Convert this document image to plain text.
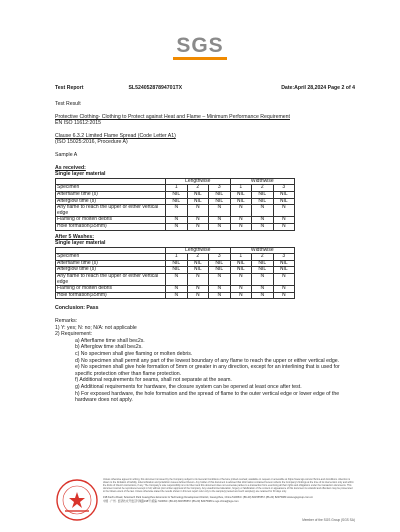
SGS
Test Report	SL52405287894701TX	Date:April 28,2024 Page 2 of 4
Test Result
Protective Clothing- Clothing to Protect against Heat and Flame – Minimum Performance Requirement
EN ISO 11612:2015
Clause 6.3.2 Limited Flame Spread (Code Letter A1)
(ISO 15025:2016, Procedure A)
Sample A
As received:
Single layer material
	Lengthwise			Widthwise		
Specimen	1	2	3	1	2	3
Afterflame time (s)	NIL	NIL	NIL	NIL	NIL	NIL
Afterglow time (s)	NIL	NIL	NIL	NIL	NIL	NIL
Any flame to reach the upper or either vertical edge	N	N	N	N	N	N
Flaming or molten debris	N	N	N	N	N	N
Hole formation(≥5mm)	N	N	N	N	N	N
After 5 Washes:
Single layer material
	Lengthwise			Widthwise		
Specimen	1	2	3	1	2	3
Afterflame time (s)	NIL	NIL	NIL	NIL	NIL	NIL
Afterglow time (s)	NIL	NIL	NIL	NIL	NIL	NIL
Any flame to reach the upper or either vertical edge	N	N	N	N	N	N
Flaming or molten debris	N	N	N	N	N	N
Hole formation(≥5mm)	N	N	N	N	N	N
Conclusion: Pass
Remarks:
1) Y: yes; N: no; N/A: not applicable
2) Requirement:
a) Afterflame time shall be≤2s.
b) Afterglow time shall be≤2s.
c) No specimen shall give flaming or molten debris.
d) No specimen shall permit any part of the lowest boundary of any flame to reach the upper or either vertical edge.
e) No specimen shall give hole formation of 5mm or greater in any direction, except for an interlining that is used for specific protection other than flame protection.
f) Additional requirements for seams, shall not separate at the seam.
g) Additional requirements for hardware, the closure system can be opened at least once after test.
h) For exposed hardware, the hole formation and the spread of flame to the outer vertical edge or lower edge of the hardware does not apply.
Unless otherwise agreed in writing, this document is issued by the Company subject to its General Conditions of Service printed overleaf, available on request or accessible at https://www.sgs.com/en/Terms-and-Conditions. Attention is drawn to the limitation of liability, indemnification and jurisdiction issues defined therein. Any holder of this document is advised that information contained hereon reflects the Company's findings at the time of its intervention only and within the limits of Client's instructions, if any. The Company's sole responsibility is to its Client and this document does not exonerate parties to a transaction from exercising all their rights and obligations under the transaction documents. This document cannot be reproduced except in full, without prior written approval of the Company. Any unauthorized alteration, forgery or falsification of the content or appearance of this document is unlawful and offenders may be prosecuted to the fullest extent of the law. Unless otherwise stated the results shown in this test report refer only to the sample(s) tested and such sample(s) are retained for 30 days only.
198 Kezhu Road, Scientech Park Guangzhou Economic & Technology Development District, Guangzhou, China 510663 t (86-20) 82155555 f (86-20) 82075080 www.sgsgroup.com.cn
中国 · 广州 · 经济技术开发区科珠路198号 邮编: 510663 t (86-20) 82155555 f (86-20) 82075080 e sgs.china@sgs.com
Member of the SGS Group (SGS SA)
